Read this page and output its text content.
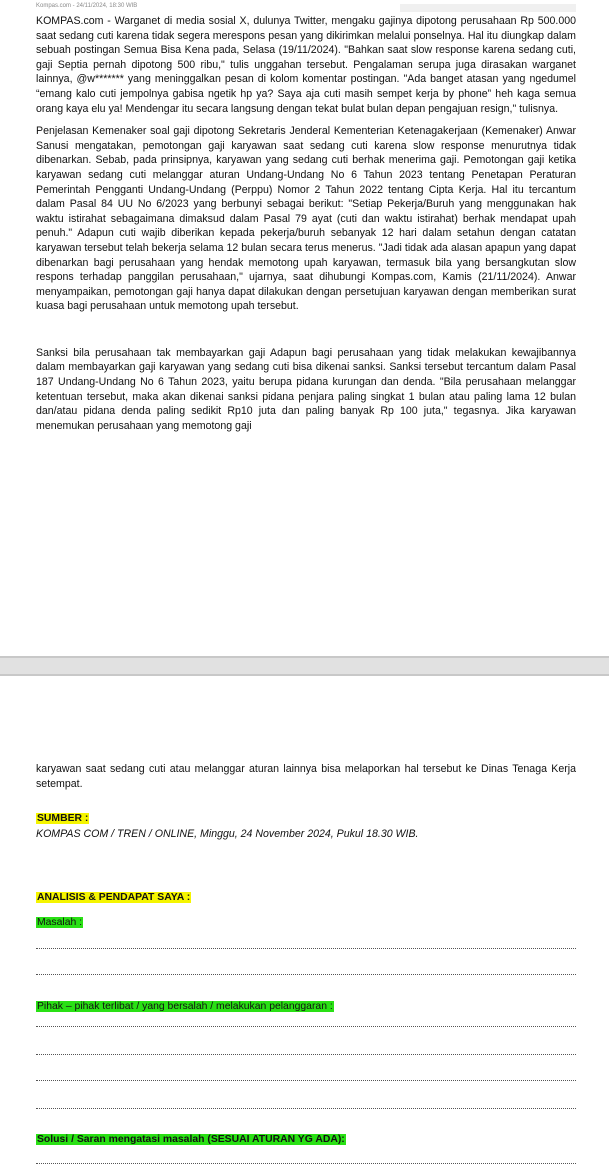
Kompas.com - 24/11/2024, 18:30 WIB

KOMPAS.com - Warganet di media sosial X, dulunya Twitter, mengaku gajinya dipotong perusahaan Rp 500.000 saat sedang cuti karena tidak segera merespons pesan yang dikirimkan melalui ponselnya. Hal itu diungkap dalam sebuah postingan Semua Bisa Kena pada, Selasa (19/11/2024). "Bahkan saat slow response karena sedang cuti, gaji Septia pernah dipotong 500 ribu," tulis unggahan tersebut. Pengalaman serupa juga dirasakan warganet lainnya, @w******* yang meninggalkan pesan di kolom komentar postingan. "Ada banget atasan yang ngedumel “emang kalo cuti jempolnya gabisa ngetik hp ya? Saya aja cuti masih sempet kerja by phone” heh kaga semua orang kaya elu ya! Mendengar itu secara langsung dengan tekat bulat bulan depan pengajuan resign," tulisnya.

Penjelasan Kemenaker soal gaji dipotong Sekretaris Jenderal Kementerian Ketenagakerjaan (Kemenaker) Anwar Sanusi mengatakan, pemotongan gaji karyawan saat sedang cuti karena slow response menurutnya tidak dibenarkan. Sebab, pada prinsipnya, karyawan yang sedang cuti berhak menerima gaji. Pemotongan gaji ketika karyawan sedang cuti melanggar aturan Undang-Undang No 6 Tahun 2023 tentang Penetapan Peraturan Pemerintah Pengganti Undang-Undang (Perppu) Nomor 2 Tahun 2022 tentang Cipta Kerja. Hal itu tercantum dalam Pasal 84 UU No 6/2023 yang berbunyi sebagai berikut: "Setiap Pekerja/Buruh yang menggunakan hak waktu istirahat sebagaimana dimaksud dalam Pasal 79 ayat (cuti dan waktu istirahat) berhak mendapat upah penuh." Adapun cuti wajib diberikan kepada pekerja/buruh sebanyak 12 hari dalam setahun dengan catatan karyawan tersebut telah bekerja selama 12 bulan secara terus menerus. "Jadi tidak ada alasan apapun yang dapat dibenarkan bagi perusahaan yang hendak memotong upah karyawan, termasuk bila yang bersangkutan slow respons terhadap panggilan perusahaan," ujarnya, saat dihubungi Kompas.com, Kamis (21/11/2024). Anwar menyampaikan, pemotongan gaji hanya dapat dilakukan dengan persetujuan karyawan dengan memberikan surat kuasa bagi perusahaan untuk memotong upah tersebut.

Sanksi bila perusahaan tak membayarkan gaji Adapun bagi perusahaan yang tidak melakukan kewajibannya dalam membayarkan gaji karyawan yang sedang cuti bisa dikenai sanksi. Sanksi tersebut tercantum dalam Pasal 187 Undang-Undang No 6 Tahun 2023, yaitu berupa pidana kurungan dan denda. "Bila perusahaan melanggar ketentuan tersebut, maka akan dikenai sanksi pidana penjara paling singkat 1 bulan atau paling lama 12 bulan dan/atau pidana denda paling sedikit Rp10 juta dan paling banyak Rp 100 juta," tegasnya. Jika karyawan menemukan perusahaan yang memotong gaji

karyawan saat sedang cuti atau melanggar aturan lainnya bisa melaporkan hal tersebut ke Dinas Tenaga Kerja setempat.

SUMBER :
KOMPAS COM / TREN / ONLINE, Minggu, 24 November 2024, Pukul 18.30 WIB.
ANALISIS & PENDAPAT SAYA :
Masalah :
Pihak – pihak terlibat / yang bersalah / melakukan pelanggaran :
Solusi / Saran mengatasi masalah (SESUAI ATURAN YG ADA):
